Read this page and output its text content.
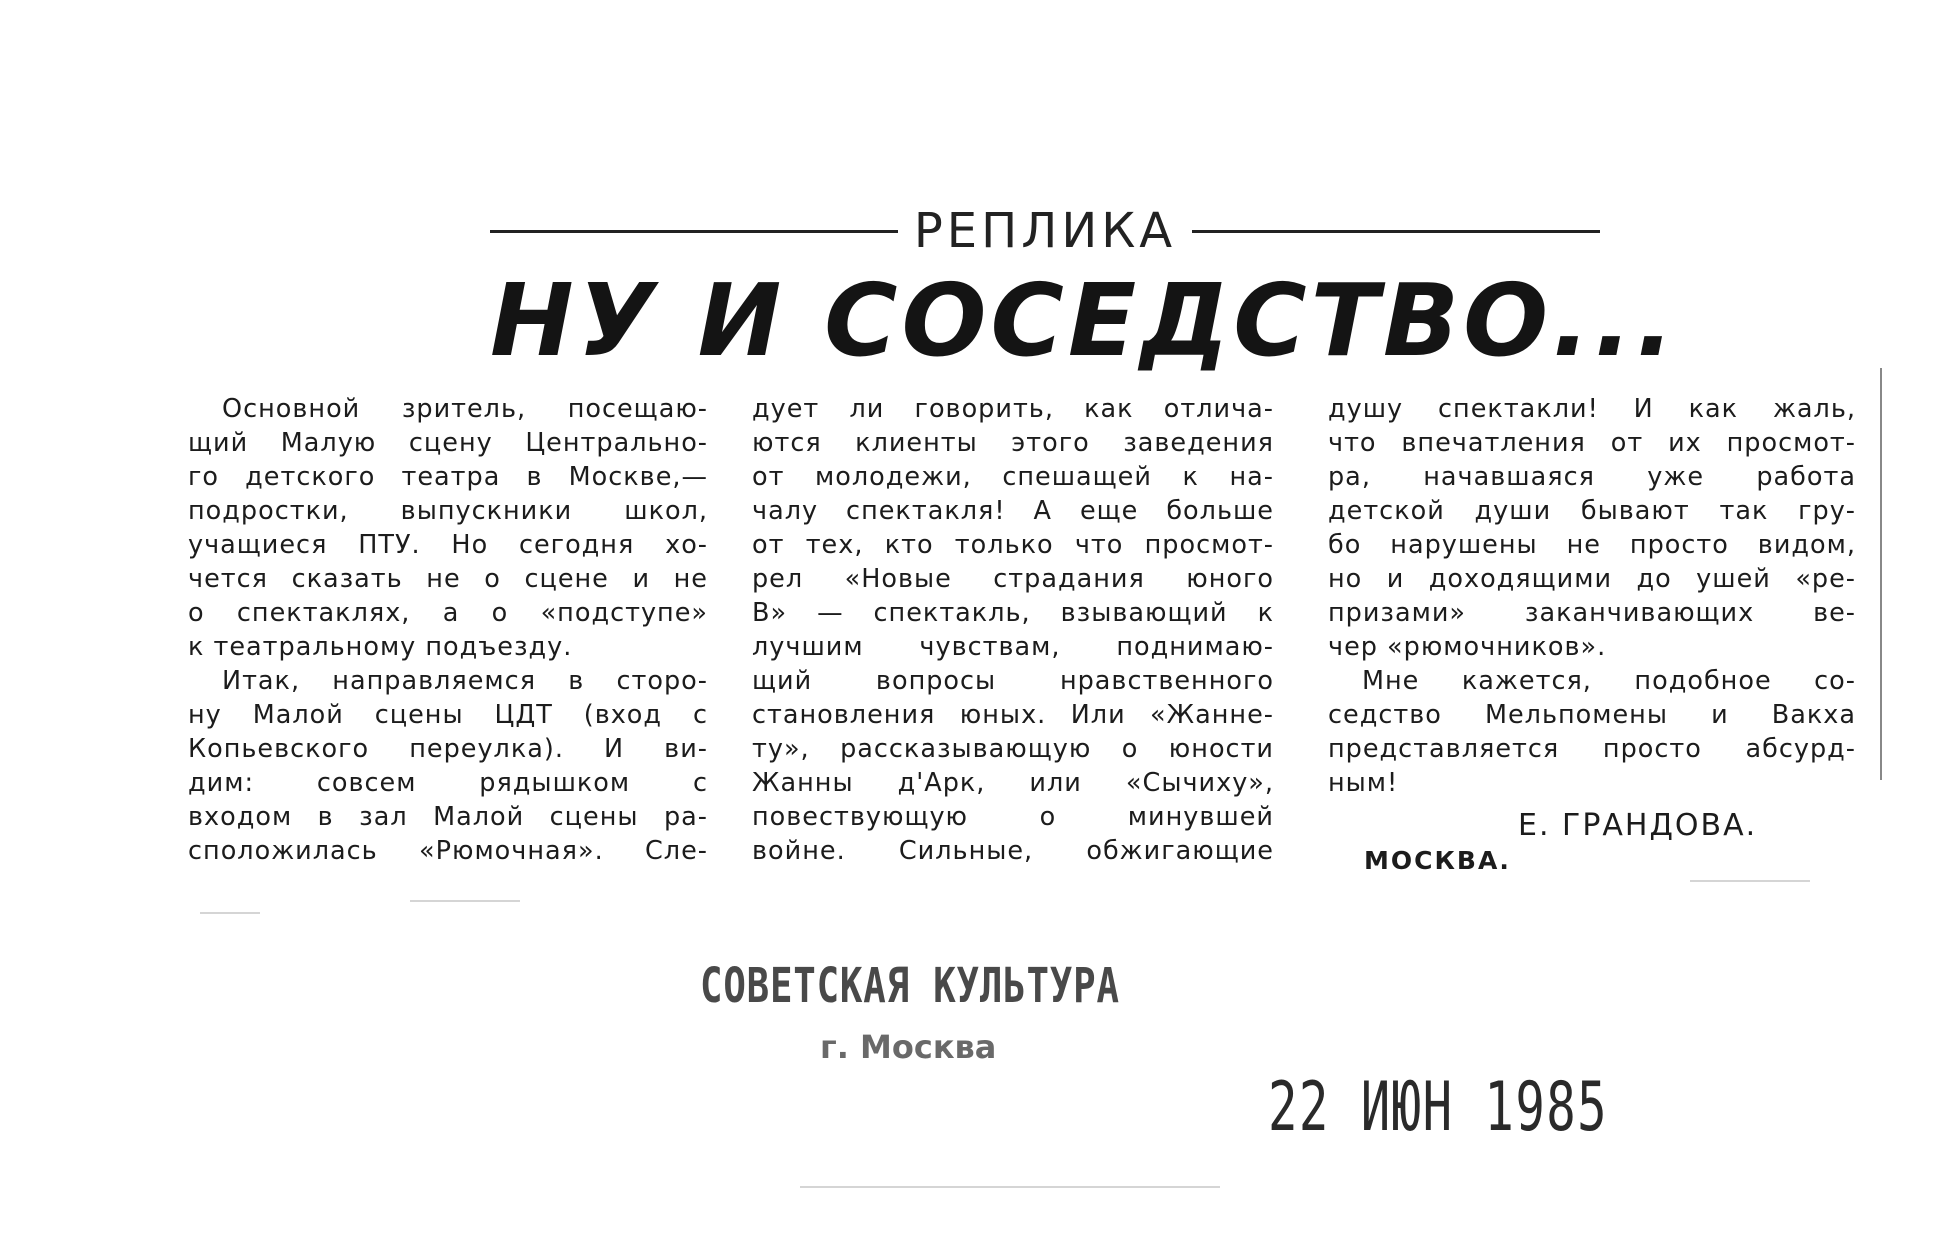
РЕПЛИКА
НУ И СОСЕДСТВО...
Основной зритель, посещаю-
щий Малую сцену Центрально-
го детского театра в Москве,—
подростки, выпускники школ,
учащиеся ПТУ. Но сегодня хо-
чется сказать не о сцене и не
о спектаклях, а о «подступе»
к театральному подъезду.
Итак, направляемся в сторо-
ну Малой сцены ЦДТ (вход с
Копьевского переулка). И ви-
дим: совсем рядышком с
входом в зал Малой сцены ра-
сположилась «Рюмочная». Сле-
дует ли говорить, как отлича-
ются клиенты этого заведения
от молодежи, спешащей к на-
чалу спектакля! А еще больше
от тех, кто только что просмот-
рел «Новые страдания юного
В» — спектакль, взывающий к
лучшим чувствам, поднимаю-
щий вопросы нравственного
становления юных. Или «Жанне-
ту», рассказывающую о юности
Жанны д'Арк, или «Сычиху»,
повествующую о минувшей
войне. Сильные, обжигающие
душу спектакли! И как жаль,
что впечатления от их просмот-
ра, начавшаяся уже работа
детской души бывают так гру-
бо нарушены не просто видом,
но и доходящими до ушей «ре-
призами» заканчивающих ве-
чер «рюмочников».
Мне кажется, подобное со-
седство Мельпомены и Вакха
представляется просто абсурд-
ным!
Е. ГРАНДОВА.
МОСКВА.
СОВЕТСКАЯ КУЛЬТУРА
г. Москва
22 ИЮН 1985
